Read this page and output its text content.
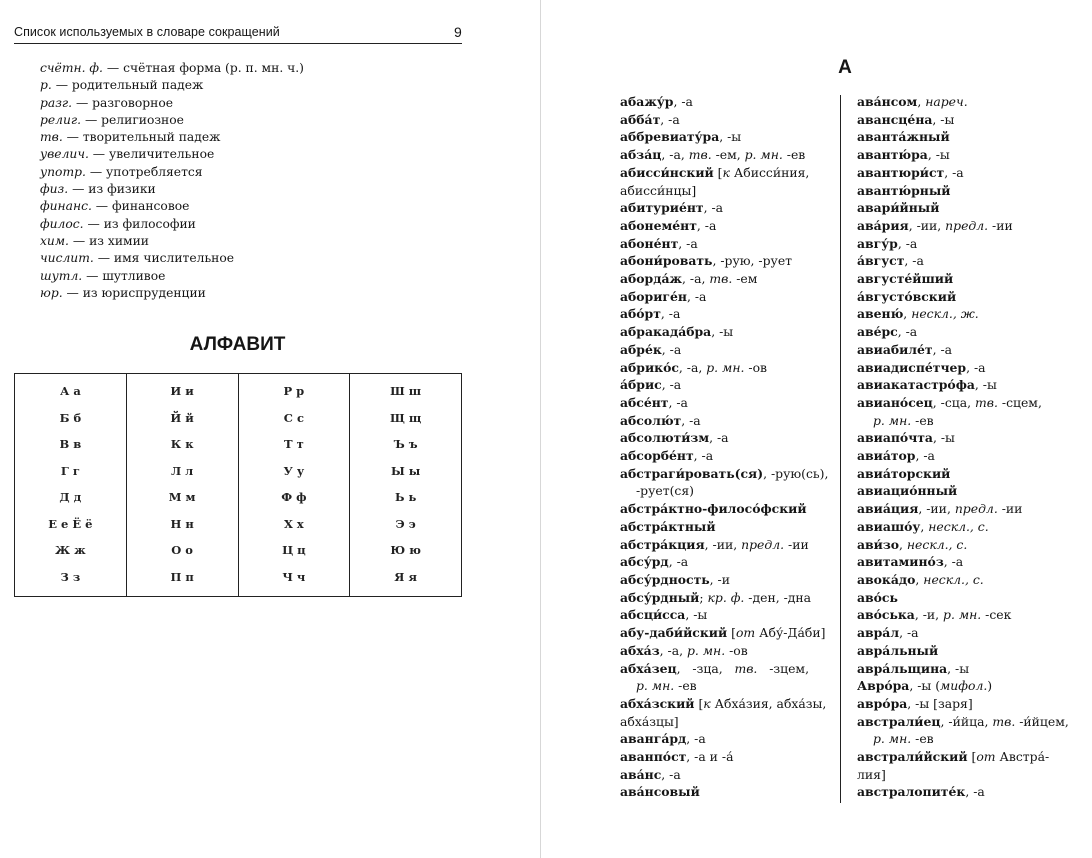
Список используемых в словаре сокращений	9
счётн. ф. — счётная форма (р. п. мн. ч.)
р. — родительный падеж
разг. — разговорное
религ. — религиозное
тв. — творительный падеж
увелич. — увеличительное
употр. — употребляется
физ. — из физики
финанс. — финансовое
филос. — из философии
хим. — из химии
числит. — имя числительное
шутл. — шутливое
юр. — из юриспруденции
АЛФАВИТ
А а	И и	Р р	Ш ш
Б б	Й й	С с	Щ щ
В в	К к	Т т	Ъ ъ
Г г	Л л	У у	Ы ы
Д д	М м	Ф ф	Ь ь
Е е Ё ё	Н н	Х х	Э э
Ж ж	О о	Ц ц	Ю ю
З з	П п	Ч ч	Я я
А
абажу́р, -а
абба́т, -а
аббревиату́ра, -ы
абза́ц, -а, тв. -ем, р. мн. -ев
абисси́нский [к Абисси́ния,
абисси́нцы]
абитурие́нт, -а
абонеме́нт, -а
абоне́нт, -а
абони́ровать, -рую, -рует
аборда́ж, -а, тв. -ем
абориге́н, -а
або́рт, -а
абракада́бра, -ы
абре́к, -а
абрико́с, -а, р. мн. -ов
а́брис, -а
абсе́нт, -а
абсолю́т, -а
абсолюти́зм, -а
абсорбе́нт, -а
абстраги́ровать(ся), -рую(сь),
-рует(ся)
абстра́ктно-филосо́фский
абстра́ктный
абстра́кция, -ии, предл. -ии
абсу́рд, -а
абсу́рдность, -и
абсу́рдный; кр. ф. -ден, -дна
абсци́сса, -ы
абу-даби́йский [от Абу́-Да́би]
абха́з, -а, р. мн. -ов
абха́зец,   -зца,   тв.   -зцем,
р. мн. -ев
абха́зский [к Абха́зия, абха́зы,
абха́зцы]
аванга́рд, -а
аванпо́ст, -а и -а́
ава́нс, -а
ава́нсовый
ава́нсом, нареч.
авансце́на, -ы
аванта́жный
авантю́ра, -ы
авантюри́ст, -а
авантю́рный
авари́йный
ава́рия, -ии, предл. -ии
авгу́р, -а
а́вгуст, -а
августе́йший
а́вгусто́вский
авеню́, нескл., ж.
аве́рс, -а
авиабиле́т, -а
авиадиспе́тчер, -а
авиакатастро́фа, -ы
авиано́сец, -сца, тв. -сцем,
р. мн. -ев
авиапо́чта, -ы
авиа́тор, -а
авиа́торский
авиацио́нный
авиа́ция, -ии, предл. -ии
авиашо́у, нескл., с.
ави́зо, нескл., с.
авитамино́з, -а
авока́до, нескл., с.
аво́сь
аво́ська, -и, р. мн. -сек
авра́л, -а
авра́льный
авра́льщина, -ы
Авро́ра, -ы (мифол.)
авро́ра, -ы [заря]
австрали́ец, -и́йца, тв. -и́йцем,
р. мн. -ев
австрали́йский [от Австра́-
лия]
австралопите́к, -а
